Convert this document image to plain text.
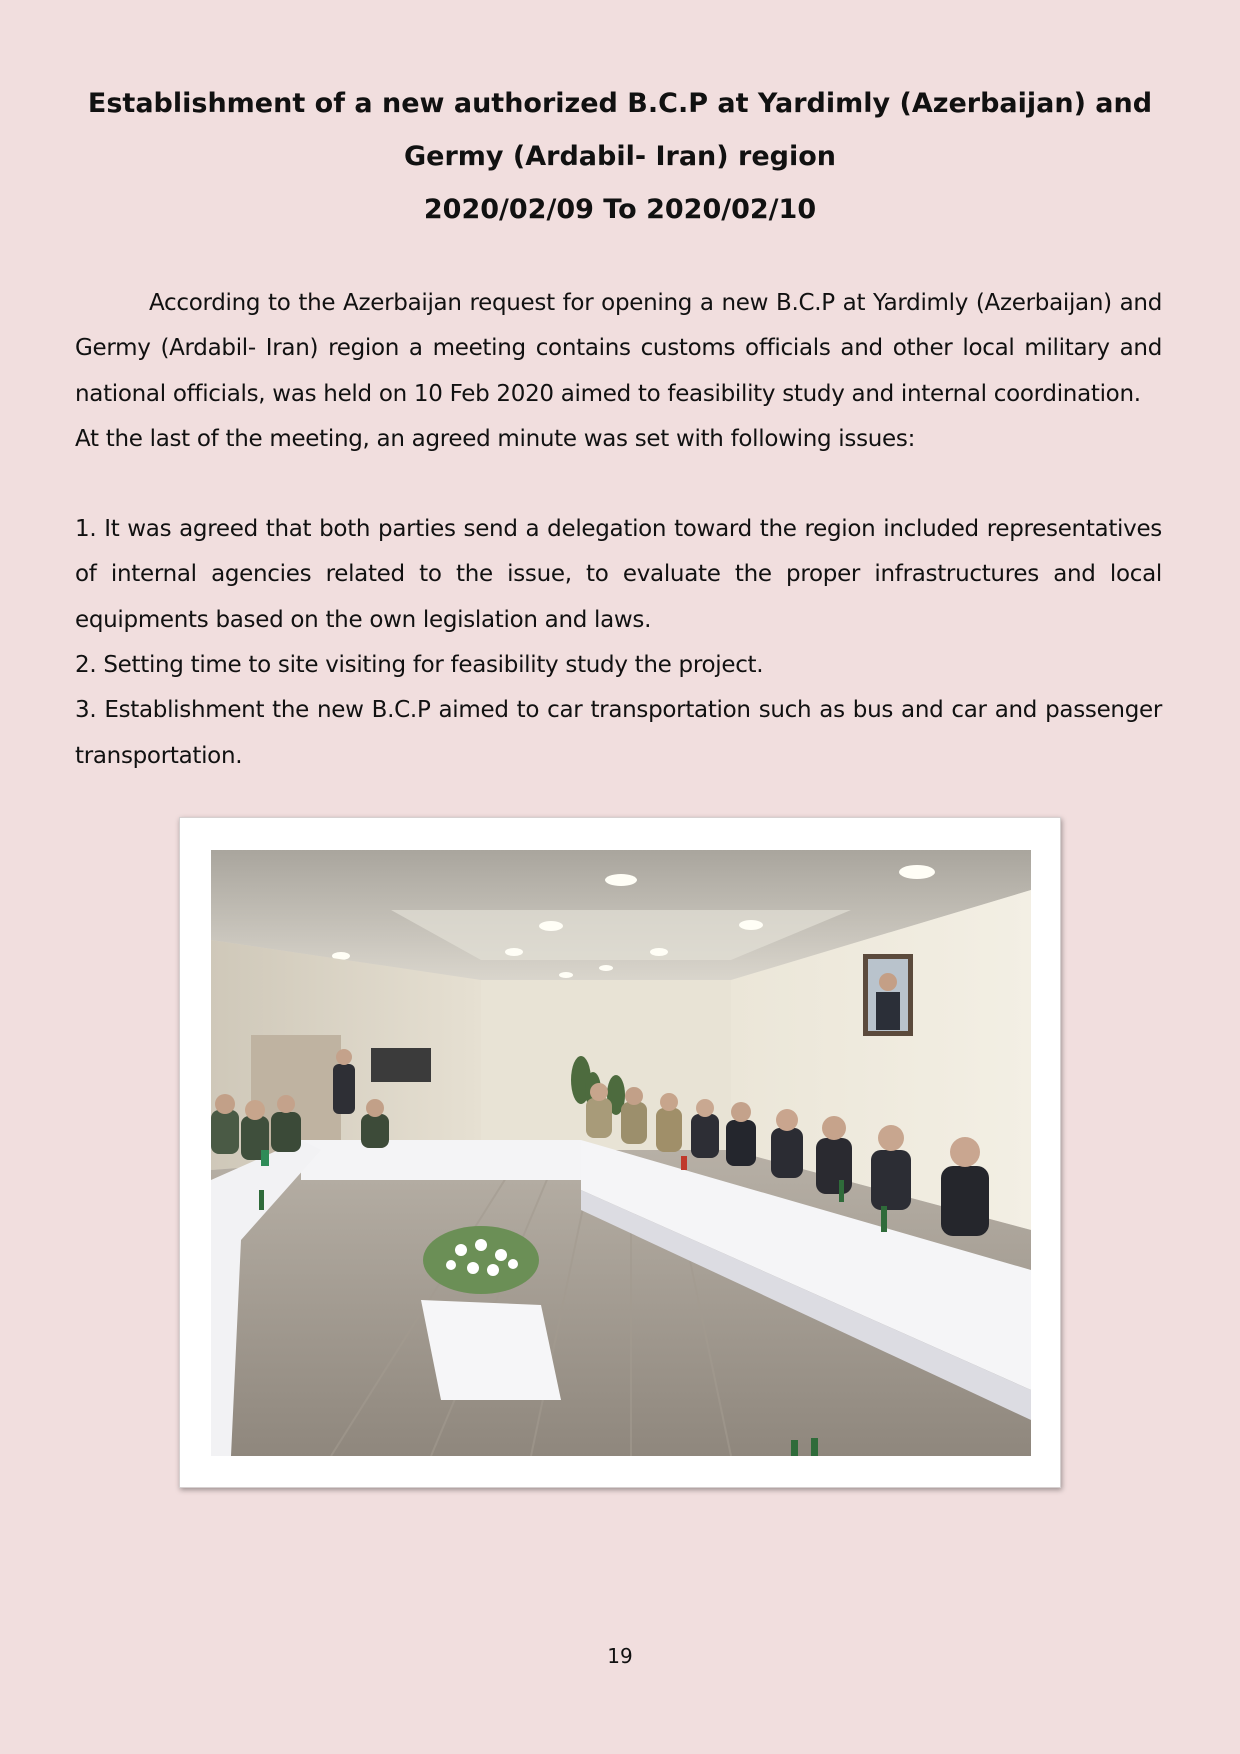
Establishment of a new authorized B.C.P at Yardimly (Azerbaijan) and
Germy (Ardabil- Iran) region
2020/02/09 To 2020/02/10

According to the Azerbaijan request for opening a new B.C.P at Yardimly (Azerbaijan) and Germy (Ardabil- Iran) region a meeting contains customs officials and other local military and national officials, was held on 10 Feb 2020 aimed to feasibility study and internal coordination.

At the last of the meeting, an agreed minute was set with following issues:

1. It was agreed that both parties send a delegation toward the region included representatives of internal agencies related to the issue, to evaluate the proper infrastructures and local equipments based on the own legislation and laws.

2. Setting time to site visiting for feasibility study the project.

3. Establishment the new B.C.P aimed to car transportation such as bus and car and passenger transportation.

19
